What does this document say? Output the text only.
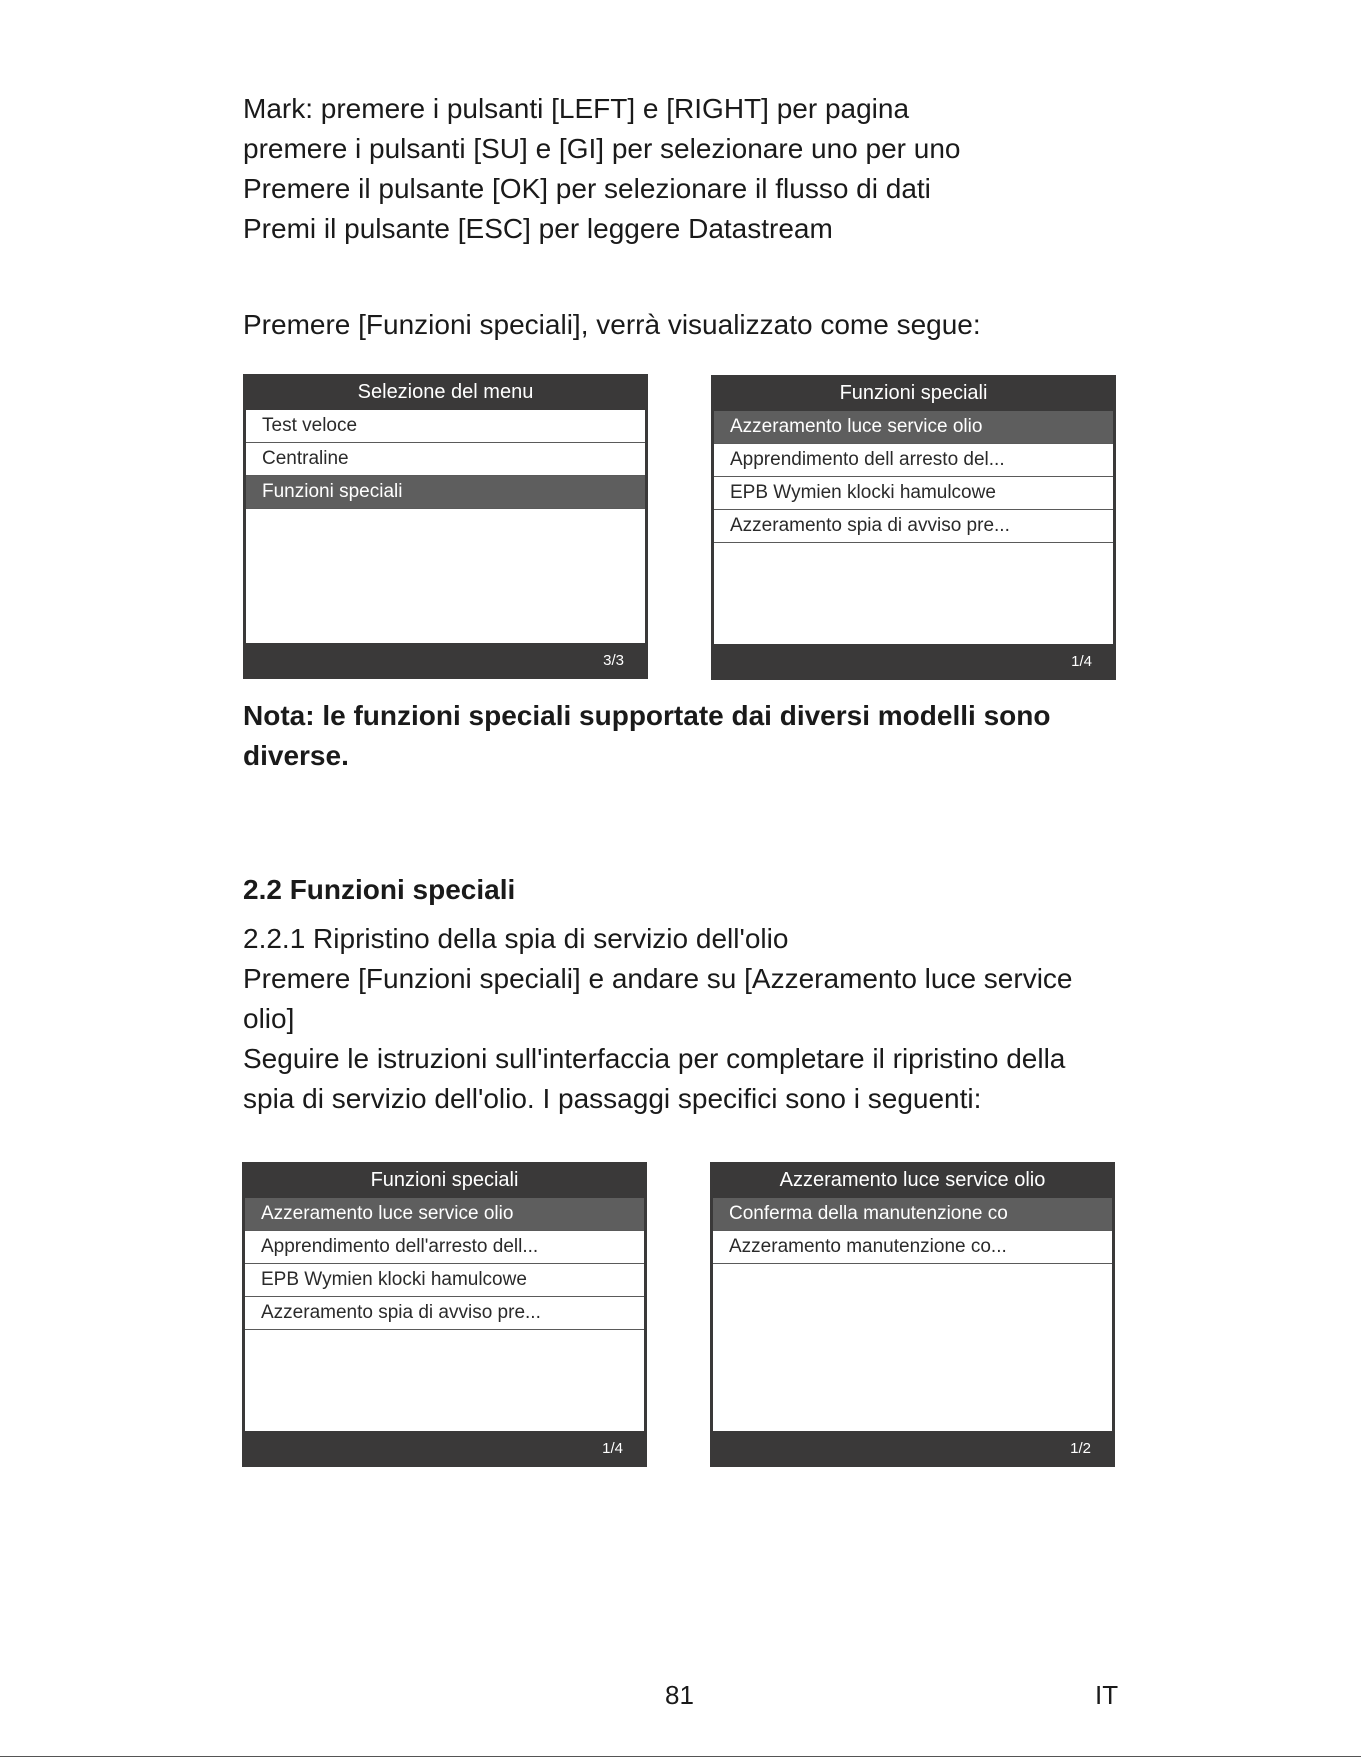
Mark: premere i pulsanti [LEFT] e [RIGHT] per pagina
premere i pulsanti [SU] e [GI] per selezionare uno per uno
Premere il pulsante [OK] per selezionare il flusso di dati
Premi il pulsante [ESC] per leggere Datastream
Premere [Funzioni speciali], verrà visualizzato come segue:
Selezione del menu
Test veloce
Centraline
Funzioni speciali
3/3
Funzioni speciali
Azzeramento luce service olio
Apprendimento dell arresto del...
EPB Wymien klocki hamulcowe
Azzeramento spia di avviso pre...
1/4
Nota: le funzioni speciali supportate dai diversi modelli sono
diverse.
2.2 Funzioni speciali
2.2.1 Ripristino della spia di servizio dell'olio
Premere [Funzioni speciali] e andare su [Azzeramento luce service
olio]
Seguire le istruzioni sull'interfaccia per completare il ripristino della
spia di servizio dell'olio. I passaggi specifici sono i seguenti:
Funzioni speciali
Azzeramento luce service olio
Apprendimento dell'arresto dell...
EPB Wymien klocki hamulcowe
Azzeramento spia di avviso pre...
1/4
Azzeramento luce service olio
Conferma della manutenzione co
Azzeramento manutenzione co...
1/2
81	IT
